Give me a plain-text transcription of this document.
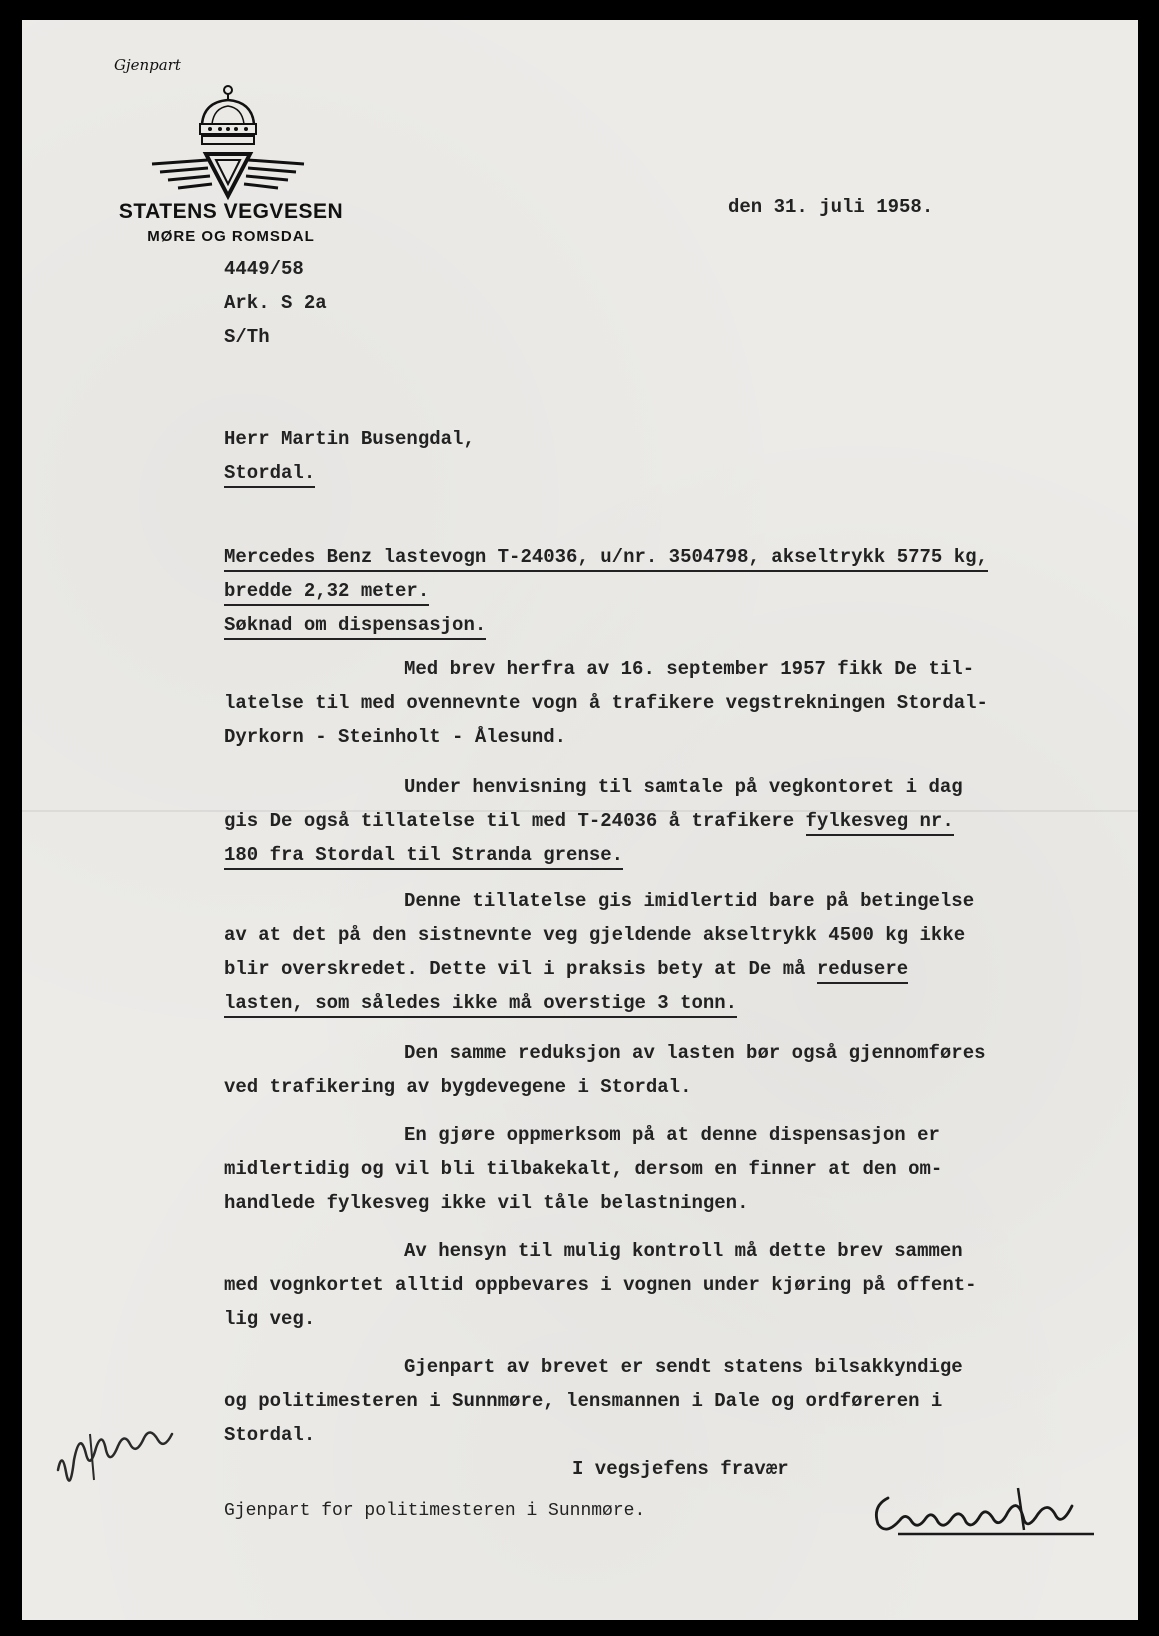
Gjenpart
STATENS VEGVESEN
MØRE OG ROMSDAL
den 31. juli 1958.
4449/58
Ark. S 2a
S/Th
Herr Martin Busengdal,
Stordal.
Mercedes Benz lastevogn T-24036, u/nr. 3504798, akseltrykk 5775 kg,
bredde 2,32 meter.
Søknad om dispensasjon.
Med brev herfra av 16. september 1957 fikk De til-
latelse til med ovennevnte vogn å trafikere vegstrekningen Stordal-
Dyrkorn - Steinholt - Ålesund.
Under henvisning til samtale på vegkontoret i dag
gis De også tillatelse til med T-24036 å trafikere fylkesveg nr.
180 fra Stordal til Stranda grense.
Denne tillatelse gis imidlertid bare på betingelse
av at det på den sistnevnte veg gjeldende akseltrykk 4500 kg ikke
blir overskredet. Dette vil i praksis bety at De må redusere
lasten, som således ikke må overstige 3 tonn.
Den samme reduksjon av lasten bør også gjennomføres
ved trafikering av bygdevegene i Stordal.
En gjøre oppmerksom på at denne dispensasjon er
midlertidig og vil bli tilbakekalt, dersom en finner at den om-
handlede fylkesveg ikke vil tåle belastningen.
Av hensyn til mulig kontroll må dette brev sammen
med vognkortet alltid oppbevares i vognen under kjøring på offent-
lig veg.
Gjenpart av brevet er sendt statens bilsakkyndige
og politimesteren i Sunnmøre, lensmannen i Dale og ordføreren i
Stordal.
I vegsjefens fravær
Gjenpart for politimesteren i Sunnmøre.
